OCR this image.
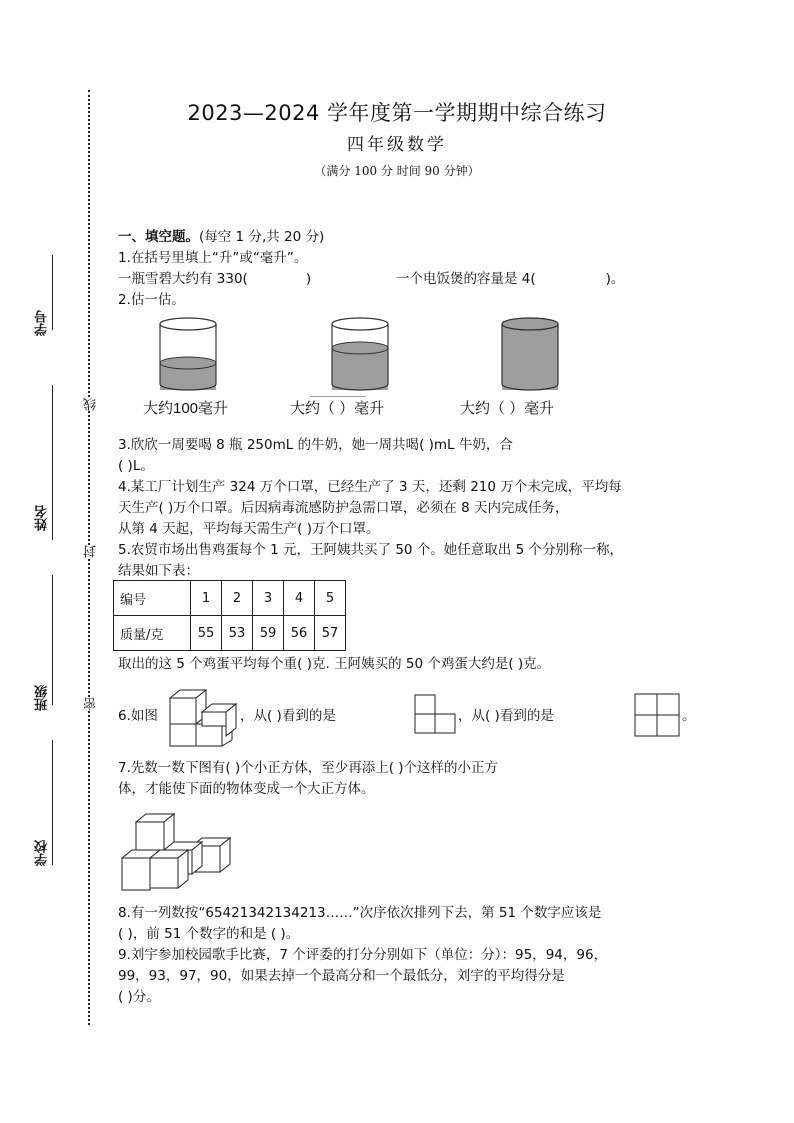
2023—2024 学年度第一学期期中综合练习
四年级数学
（满分 100 分 时间 90 分钟）
学号
姓名
班级
学校
线
封
密
一、填空题。(每空 1 分,共 20 分)
1.在括号里填上“升”或“毫升”。
一瓶雪碧大约有 330(	)	一个电饭煲的容量是 4(	)。
2.估一估。
大约100毫升	大约（ ）毫升	大约（ ）毫升
3.欣欣一周要喝 8 瓶 250mL 的牛奶，她一周共喝( )mL 牛奶，合
( )L。
4.某工厂计划生产 324 万个口罩，已经生产了 3 天，还剩 210 万个未完成，平均每
天生产( )万个口罩。后因病毒流感防护急需口罩，必须在 8 天内完成任务，
从第 4 天起，平均每天需生产( )万个口罩。
5.农贸市场出售鸡蛋每个 1 元，王阿姨共买了 50 个。她任意取出 5 个分别称一称，
结果如下表：
编号	1	2	3	4	5
质量/克	55	53	59	56	57
取出的这 5 个鸡蛋平均每个重( )克. 王阿姨买的 50 个鸡蛋大约是( )克。
6.如图	，从( )看到的是	，从( )看到的是	。
7.先数一数下图有( )个小正方体，至少再添上( )个这样的小正方
体，才能使下面的物体变成一个大正方体。
8.有一列数按“65421342134213……”次序依次排列下去，第 51 个数字应该是
( )，前 51 个数字的和是 ( )。
9.刘宇参加校园歌手比赛，7 个评委的打分分别如下（单位：分）：95，94，96，
99，93，97，90，如果去掉一个最高分和一个最低分，刘宇的平均得分是
( )分。
